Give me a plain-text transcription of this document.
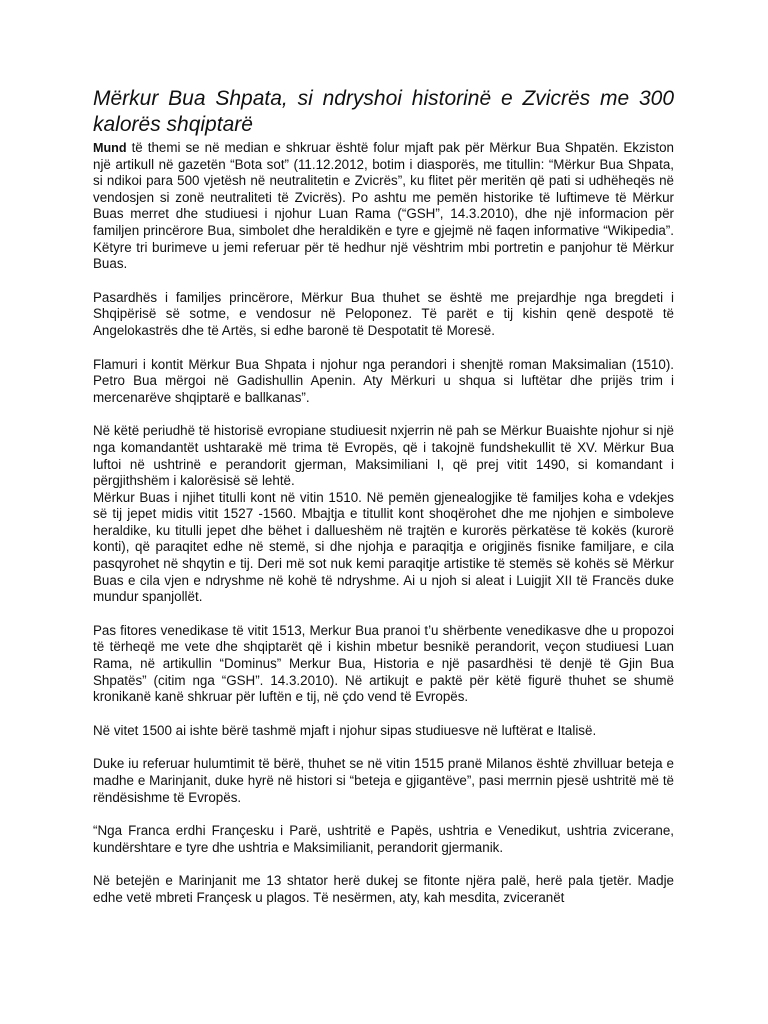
Mërkur Bua Shpata, si ndryshoi historinë e Zvicrës me 300 kalorës shqiptarë

Mund të themi se në median e shkruar është folur mjaft pak për Mërkur Bua Shpatën. Ekziston një artikull në gazetën “Bota sot” (11.12.2012, botim i diasporës, me titullin: “Mërkur Bua Shpata, si ndikoi para 500 vjetësh në neutralitetin e Zvicrës”, ku flitet për meritën që pati si udhëheqës në vendosjen si zonë neutraliteti të Zvicrës). Po ashtu me pemën historike të luftimeve të Mërkur Buas merret dhe studiuesi i njohur Luan Rama (“GSH”, 14.3.2010), dhe një informacion për familjen princërore Bua, simbolet dhe heraldikën e tyre e gjejmë në faqen informative “Wikipedia”. Këtyre tri burimeve u jemi referuar për të hedhur një vështrim mbi portretin e panjohur të Mërkur Buas.

Pasardhës i familjes princërore, Mërkur Bua thuhet se është me prejardhje nga bregdeti i Shqipërisë së sotme, e vendosur në Peloponez. Të parët e tij kishin qenë despotë të Angelokastrës dhe të Artës, si edhe baronë të Despotatit të Moresë.

Flamuri i kontit Mërkur Bua Shpata i njohur nga perandori i shenjtë roman Maksimalian (1510). Petro Bua mërgoi në Gadishullin Apenin. Aty Mërkuri u shqua si luftëtar dhe prijës trim i mercenarëve shqiptarë e ballkanas”.

Në këtë periudhë të historisë evropiane studiuesit nxjerrin në pah se Mërkur Buaishte njohur si një nga komandantët ushtarakë më trima të Evropës, që i takojnë fundshekullit të XV. Mërkur Bua luftoi në ushtrinë e perandorit gjerman, Maksimiliani I, që prej vitit 1490, si komandant i përgjithshëm i kalorësisë së lehtë.

Mërkur Buas i njihet titulli kont në vitin 1510. Në pemën gjenealogjike të familjes koha e vdekjes së tij jepet midis vitit 1527 -1560. Mbajtja e titullit kont shoqërohet dhe me njohjen e simboleve heraldike, ku titulli jepet dhe bëhet i dallueshëm në trajtën e kurorës përkatëse të kokës (kurorë konti), që paraqitet edhe në stemë, si dhe njohja e paraqitja e origjinës fisnike familjare, e cila pasqyrohet në shqytin e tij. Deri më sot nuk kemi paraqitje artistike të stemës së kohës së Mërkur Buas e cila vjen e ndryshme në kohë të ndryshme. Ai u njoh si aleat i Luigjit XII të Francës duke mundur spanjollët.

Pas fitores venedikase të vitit 1513, Merkur Bua pranoi t’u shërbente venedikasve dhe u propozoi të tërheqë me vete dhe shqiptarët që i kishin mbetur besnikë perandorit, veçon studiuesi Luan Rama, në artikullin “Dominus” Merkur Bua, Historia e një pasardhësi të denjë të Gjin Bua Shpatës” (citim nga “GSH”. 14.3.2010). Në artikujt e paktë për këtë figurë thuhet se shumë kronikanë kanë shkruar për luftën e tij, në çdo vend të Evropës.

Në vitet 1500 ai ishte bërë tashmë mjaft i njohur sipas studiuesve në luftërat e Italisë.

Duke iu referuar hulumtimit të bërë, thuhet se në vitin 1515 pranë Milanos është zhvilluar beteja e madhe e Marinjanit, duke hyrë në histori si “beteja e gjigantëve”, pasi merrnin pjesë ushtritë më të rëndësishme të Evropës.

“Nga Franca erdhi Françesku i Parë, ushtritë e Papës, ushtria e Venedikut, ushtria zvicerane, kundërshtare e tyre dhe ushtria e Maksimilianit, perandorit gjermanik.

Në betejën e Marinjanit me 13 shtator herë dukej se fitonte njëra palë, herë pala tjetër. Madje edhe vetë mbreti Françesk u plagos. Të nesërmen, aty, kah mesdita, zviceranët
